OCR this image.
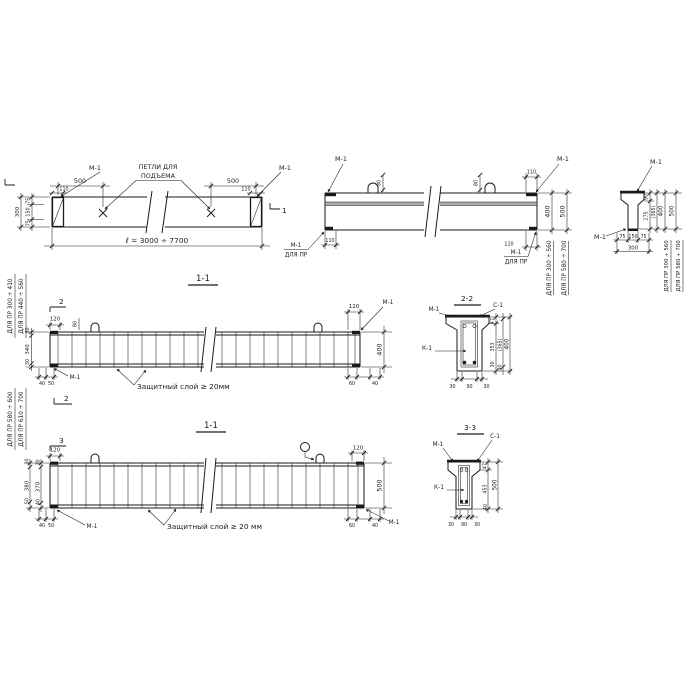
500	500
110	110
75
150
75
300
ℓ = 3000 ÷ 7700
ПЕТЛИ ДЛЯ
ПОДЪЕМА
М-1	М-1
1
80	80
110
М-1	М-1
110
М-1
ДЛЯ ПР
110
М-1
ДЛЯ ПР
400 500
ДЛЯ ПР 300 ÷ 560 ДЛЯ ПР 580 ÷ 700
М-1
М-1	75 150 75
300
90
275 (365) 400 500
ДЛЯ ПР 300 ÷ 560 ДЛЯ ПР 580 ÷ 700
1-1
2
2
120
80
ДЛЯ ПР 300 ÷ 410 ДЛЯ ПР 440 ÷ 560 30
340
30
40 50
М-1
М-1
120
400
60	40
Защитный слой ≥ 20мм
2-2
М-1
С-1
К-1
30 90 30
47
353
30
(365)
40
400
1-1
3
120
ДЛЯ ПР 580 ÷ 600 ДЛЯ ПР 610 ÷ 700
30
380
50
30
370
40
40 50	М-1
М-1
120
500
60	40
Защитный слой ≥ 20 мм
3-3
М-1
С-1
К-1
30 90 30
47
453
40
500
